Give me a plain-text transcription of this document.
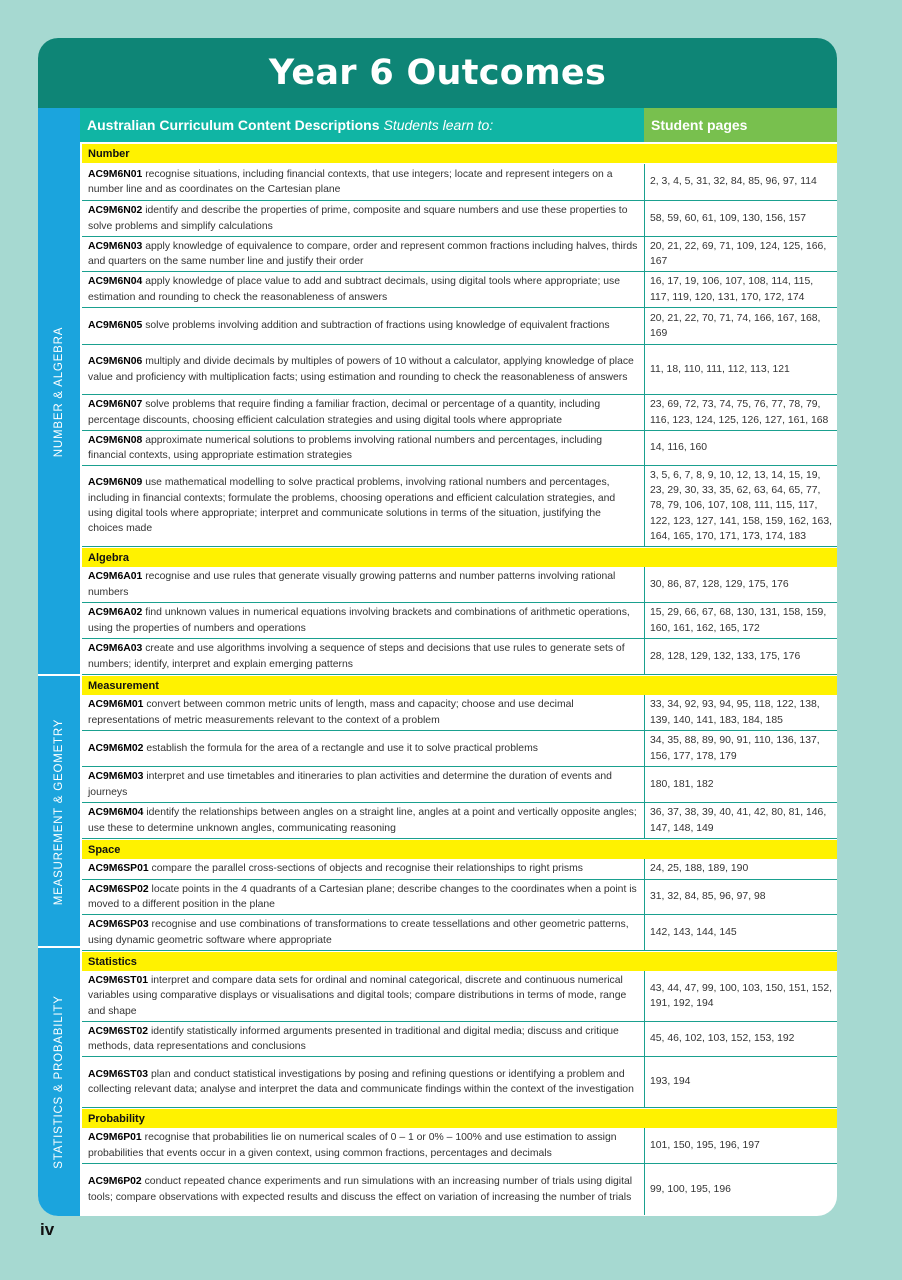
Year 6 Outcomes
NUMBER & ALGEBRA
MEASUREMENT & GEOMETRY
STATISTICS & PROBABILITY
Australian Curriculum Content Descriptions Students learn to:	Student pages
Number
AC9M6N01 recognise situations, including financial contexts, that use integers; locate and represent integers on a number line and as coordinates on the Cartesian plane
2, 3, 4, 5, 31, 32, 84, 85, 96, 97, 114
AC9M6N02 identify and describe the properties of prime, composite and square numbers and use these properties to solve problems and simplify calculations
58, 59, 60, 61, 109, 130, 156, 157
AC9M6N03 apply knowledge of equivalence to compare, order and represent common fractions including halves, thirds and quarters on the same number line and justify their order
20, 21, 22, 69, 71, 109, 124, 125, 166, 167
AC9M6N04 apply knowledge of place value to add and subtract decimals, using digital tools where appropriate; use estimation and rounding to check the reasonableness of answers
16, 17, 19, 106, 107, 108, 114, 115, 117, 119, 120, 131, 170, 172, 174
AC9M6N05 solve problems involving addition and subtraction of fractions using knowledge of equivalent fractions
20, 21, 22, 70, 71, 74, 166, 167, 168, 169
AC9M6N06 multiply and divide decimals by multiples of powers of 10 without a calculator, applying knowledge of place value and proficiency with multiplication facts; using estimation and rounding to check the reasonableness of answers
11, 18, 110, 111, 112, 113, 121
AC9M6N07 solve problems that require finding a familiar fraction, decimal or percentage of a quantity, including percentage discounts, choosing efficient calculation strategies and using digital tools where appropriate
23, 69, 72, 73, 74, 75, 76, 77, 78, 79, 116, 123, 124, 125, 126, 127, 161, 168
AC9M6N08 approximate numerical solutions to problems involving rational numbers and percentages, including financial contexts, using appropriate estimation strategies
14, 116, 160
AC9M6N09 use mathematical modelling to solve practical problems, involving rational numbers and percentages, including in financial contexts; formulate the problems, choosing operations and efficient calculation strategies, and using digital tools where appropriate; interpret and communicate solutions in terms of the situation, justifying the choices made
3, 5, 6, 7, 8, 9, 10, 12, 13, 14, 15, 19, 23, 29, 30, 33, 35, 62, 63, 64, 65, 77, 78, 79, 106, 107, 108, 111, 115, 117, 122, 123, 127, 141, 158, 159, 162, 163, 164, 165, 170, 171, 173, 174, 183
Algebra
AC9M6A01 recognise and use rules that generate visually growing patterns and number patterns involving rational numbers
30, 86, 87, 128, 129, 175, 176
AC9M6A02 find unknown values in numerical equations involving brackets and combinations of arithmetic operations, using the properties of numbers and operations
15, 29, 66, 67, 68, 130, 131, 158, 159, 160, 161, 162, 165, 172
AC9M6A03 create and use algorithms involving a sequence of steps and decisions that use rules to generate sets of numbers; identify, interpret and explain emerging patterns
28, 128, 129, 132, 133, 175, 176
Measurement
AC9M6M01 convert between common metric units of length, mass and capacity; choose and use decimal representations of metric measurements relevant to the context of a problem
33, 34, 92, 93, 94, 95, 118, 122, 138, 139, 140, 141, 183, 184, 185
AC9M6M02 establish the formula for the area of a rectangle and use it to solve practical problems
34, 35, 88, 89, 90, 91, 110, 136, 137, 156, 177, 178, 179
AC9M6M03 interpret and use timetables and itineraries to plan activities and determine the duration of events and journeys
180, 181, 182
AC9M6M04 identify the relationships between angles on a straight line, angles at a point and vertically opposite angles; use these to determine unknown angles, communicating reasoning
36, 37, 38, 39, 40, 41, 42, 80, 81, 146, 147, 148, 149
Space
AC9M6SP01 compare the parallel cross-sections of objects and recognise their relationships to right prisms	24, 25, 188, 189, 190
AC9M6SP02 locate points in the 4 quadrants of a Cartesian plane; describe changes to the coordinates when a point is moved to a different position in the plane
31, 32, 84, 85, 96, 97, 98
AC9M6SP03 recognise and use combinations of transformations to create tessellations and other geometric patterns, using dynamic geometric software where appropriate
142, 143, 144, 145
Statistics
AC9M6ST01 interpret and compare data sets for ordinal and nominal categorical, discrete and continuous numerical variables using comparative displays or visualisations and digital tools; compare distributions in terms of mode, range and shape
43, 44, 47, 99, 100, 103, 150, 151, 152, 191, 192, 194
AC9M6ST02 identify statistically informed arguments presented in traditional and digital media; discuss and critique methods, data representations and conclusions
45, 46, 102, 103, 152, 153, 192
AC9M6ST03 plan and conduct statistical investigations by posing and refining questions or identifying a problem and collecting relevant data; analyse and interpret the data and communicate findings within the context of the investigation
193, 194
Probability
AC9M6P01 recognise that probabilities lie on numerical scales of 0 – 1 or 0% – 100% and use estimation to assign probabilities that events occur in a given context, using common fractions, percentages and decimals
101, 150, 195, 196, 197
AC9M6P02 conduct repeated chance experiments and run simulations with an increasing number of trials using digital tools; compare observations with expected results and discuss the effect on variation of increasing the number of trials
99, 100, 195, 196
iv
